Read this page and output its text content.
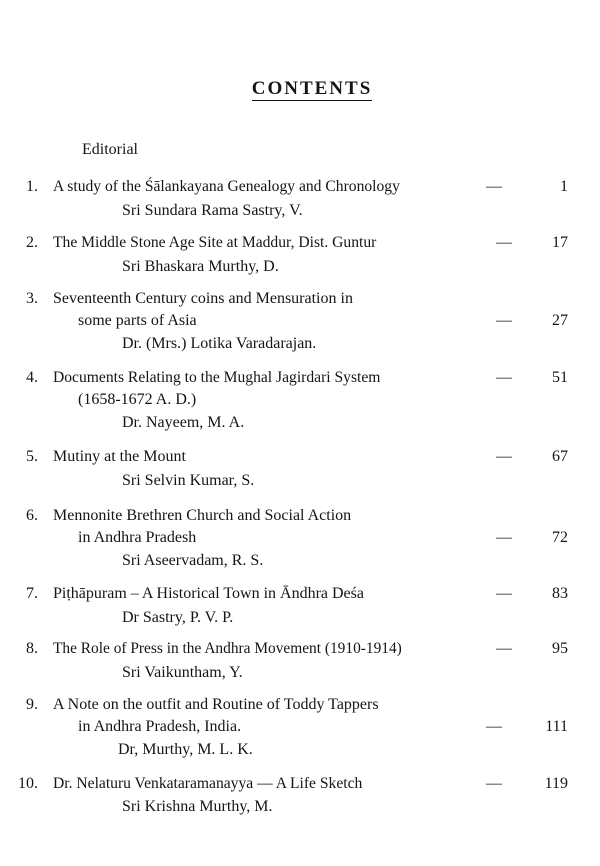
CONTENTS
Editorial
1. A study of the Śālankayana Genealogy and Chronology	—	1
Sri Sundara Rama Sastry, V.
2. The Middle Stone Age Site at Maddur, Dist. Guntur	—	17
Sri Bhaskara Murthy, D.
3. Seventeenth Century coins and Mensuration in
some parts of Asia	—	27
Dr. (Mrs.) Lotika Varadarajan.
4. Documents Relating to the Mughal Jagirdari System	—	51
(1658-1672 A. D.)
Dr. Nayeem, M. A.
5. Mutiny at the Mount	—	67
Sri Selvin Kumar, S.
6. Mennonite Brethren Church and Social Action
in Andhra Pradesh	—	72
Sri Aseervadam, R. S.
7. Piṭhāpuram – A Historical Town in Āndhra Deśa	—	83
Dr Sastry, P. V. P.
8. The Role of Press in the Andhra Movement (1910-1914)	—	95
Sri Vaikuntham, Y.
9. A Note on the outfit and Routine of Toddy Tappers
in Andhra Pradesh, India.	—	111
Dr, Murthy, M. L. K.
10. Dr. Nelaturu Venkataramanayya — A Life Sketch	—	119
Sri Krishna Murthy, M.
